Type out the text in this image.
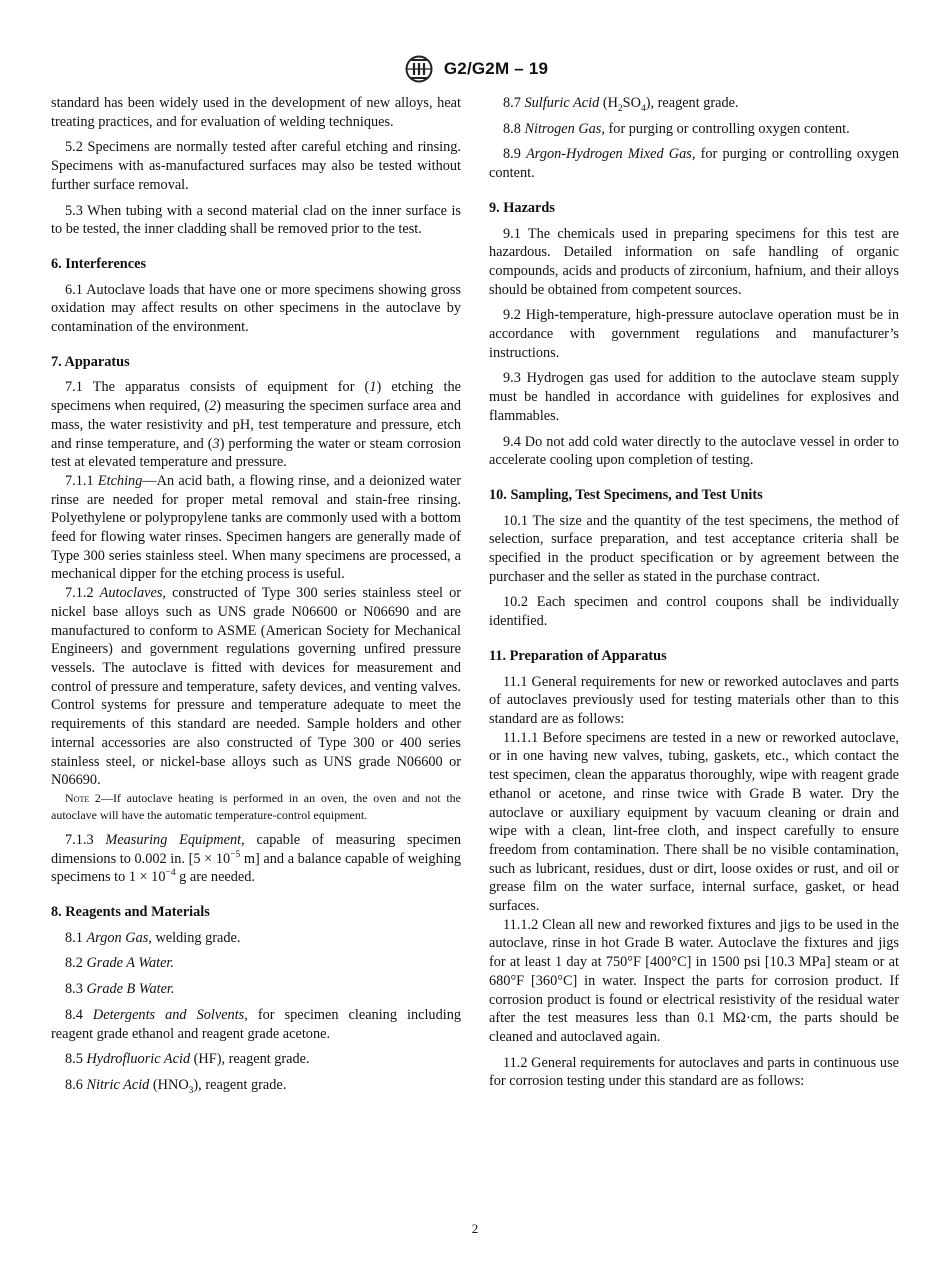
G2/G2M – 19

standard has been widely used in the development of new alloys, heat treating practices, and for evaluation of welding techniques.

5.2 Specimens are normally tested after careful etching and rinsing. Specimens with as-manufactured surfaces may also be tested without further surface removal.

5.3 When tubing with a second material clad on the inner surface is to be tested, the inner cladding shall be removed prior to the test.

6. Interferences

6.1 Autoclave loads that have one or more specimens showing gross oxidation may affect results on other specimens in the autoclave by contamination of the environment.

7. Apparatus

7.1 The apparatus consists of equipment for (1) etching the specimens when required, (2) measuring the specimen surface area and mass, the water resistivity and pH, test temperature and pressure, etch and rinse temperature, and (3) performing the water or steam corrosion test at elevated temperature and pressure.

7.1.1 Etching—An acid bath, a flowing rinse, and a deionized water rinse are needed for proper metal removal and stain-free rinsing. Polyethylene or polypropylene tanks are commonly used with a bottom feed for flowing water rinses. Specimen hangers are generally made of Type 300 series stainless steel. When many specimens are processed, a mechanical dipper for the etching process is useful.

7.1.2 Autoclaves, constructed of Type 300 series stainless steel or nickel base alloys such as UNS grade N06600 or N06690 and are manufactured to conform to ASME (American Society for Mechanical Engineers) and government regulations governing unfired pressure vessels. The autoclave is fitted with devices for measurement and control of pressure and temperature, safety devices, and venting valves. Control systems for pressure and temperature adequate to meet the requirements of this standard are needed. Sample holders and other internal accessories are also constructed of Type 300 or 400 series stainless steel, or nickel-base alloys such as UNS grade N06600 or N06690.

Note 2—If autoclave heating is performed in an oven, the oven and not the autoclave will have the automatic temperature-control equipment.

7.1.3 Measuring Equipment, capable of measuring specimen dimensions to 0.002 in. [$5 \times 10^{-5}$ m] and a balance capable of weighing specimens to $1 \times 10^{-4}$ g are needed.

8. Reagents and Materials

8.1 Argon Gas, welding grade.

8.2 Grade A Water.

8.3 Grade B Water.

8.4 Detergents and Solvents, for specimen cleaning including reagent grade ethanol and reagent grade acetone.

8.5 Hydrofluoric Acid (HF), reagent grade.

8.6 Nitric Acid $(HNO_3)$, reagent grade.

8.7 Sulfuric Acid $(H_2SO_4)$, reagent grade.

8.8 Nitrogen Gas, for purging or controlling oxygen content.

8.9 Argon-Hydrogen Mixed Gas, for purging or controlling oxygen content.

9. Hazards

9.1 The chemicals used in preparing specimens for this test are hazardous. Detailed information on safe handling of organic compounds, acids and products of zirconium, hafnium, and their alloys should be obtained from competent sources.

9.2 High-temperature, high-pressure autoclave operation must be in accordance with government regulations and manufacturer’s instructions.

9.3 Hydrogen gas used for addition to the autoclave steam supply must be handled in accordance with guidelines for explosives and flammables.

9.4 Do not add cold water directly to the autoclave vessel in order to accelerate cooling upon completion of testing.

10. Sampling, Test Specimens, and Test Units

10.1 The size and the quantity of the test specimens, the method of selection, surface preparation, and test acceptance criteria shall be specified in the product specification or by agreement between the purchaser and the seller as stated in the purchase contract.

10.2 Each specimen and control coupons shall be individually identified.

11. Preparation of Apparatus

11.1 General requirements for new or reworked autoclaves and parts of autoclaves previously used for testing materials other than to this standard are as follows:

11.1.1 Before specimens are tested in a new or reworked autoclave, or in one having new valves, tubing, gaskets, etc., which contact the test specimen, clean the apparatus thoroughly, wipe with reagent grade ethanol or acetone, and rinse twice with Grade B water. Dry the autoclave or auxiliary equipment by vacuum cleaning or drain and wipe with a clean, lint-free cloth, and inspect carefully to ensure freedom from contamination. There shall be no visible contamination, such as lubricant, residues, dust or dirt, loose oxides or rust, and oil or grease film on the water surface, internal surface, gasket, or head surfaces.

11.1.2 Clean all new and reworked fixtures and jigs to be used in the autoclave, rinse in hot Grade B water. Autoclave the fixtures and jigs for at least 1 day at 750°F [400°C] in 1500 psi [10.3 MPa] steam or at 680°F [360°C] in water. Inspect the parts for corrosion product. If corrosion product is found or electrical resistivity of the residual water after the test measures less than 0.1 MΩ·cm, the parts should be cleaned and autoclaved again.

11.2 General requirements for autoclaves and parts in continuous use for corrosion testing under this standard are as follows:

2
